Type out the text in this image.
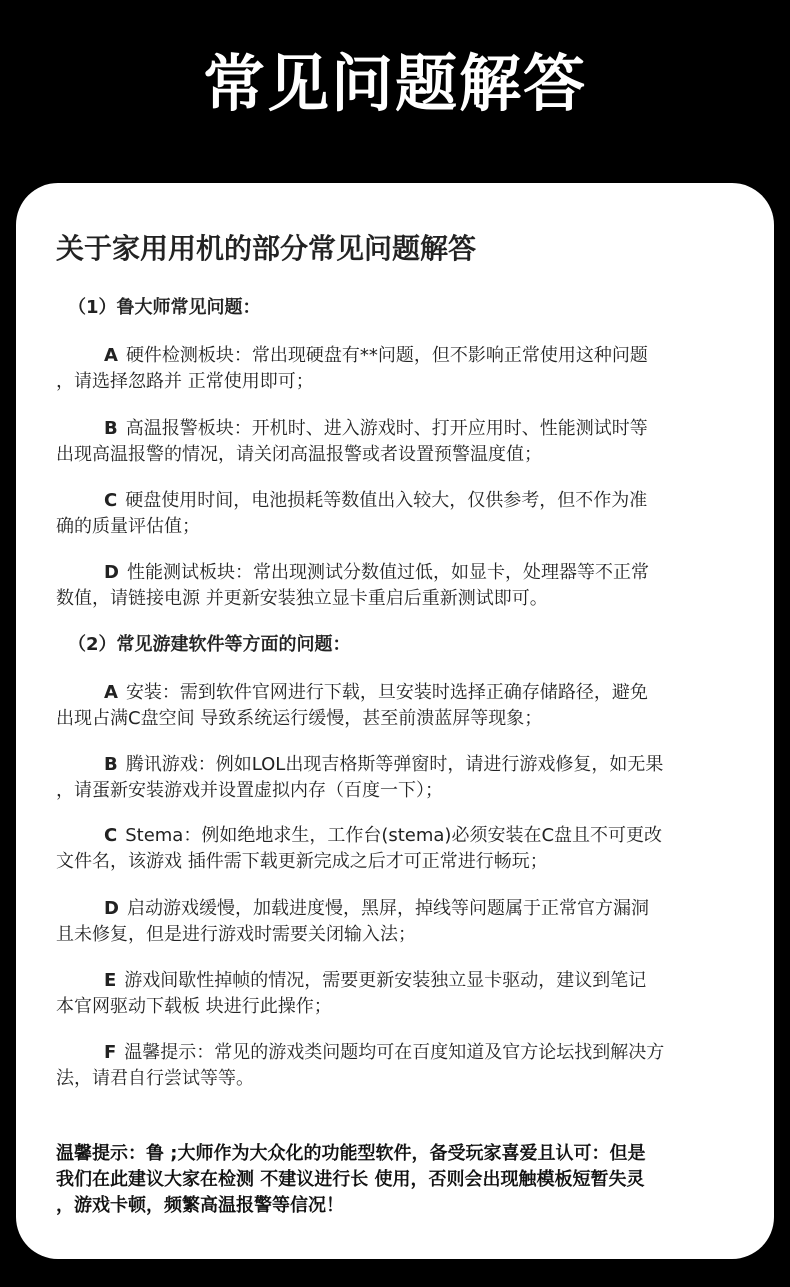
常见问题解答
关于家用用机的部分常见问题解答
（1）鲁大师常见问题：
A 硬件检测板块：常出现硬盘有**问题，但不影响正常使用这种问题
，请选择忽路并 正常使用即可；
B 高温报警板块：开机时、进入游戏时、打开应用时、性能测试时等
出现高温报警的情况，请关闭高温报警或者设置预警温度值；
C 硬盘使用时间，电池损耗等数值出入较大，仅供参考，但不作为准
确的质量评估值；
D 性能测试板块：常出现测试分数值过低，如显卡，处理器等不正常
数值，请链接电源 并更新安装独立显卡重启后重新测试即可。
（2）常见游建软件等方面的问题：
A 安装：需到软件官网进行下载，旦安装时选择正确存储路径，避免
出现占满C盘空间 导致系统运行缓慢，甚至前溃蓝屏等现象；
B 腾讯游戏：例如LOL出现吉格斯等弹窗时，请进行游戏修复，如无果
，请蛋新安装游戏并设置虚拟内存（百度一下）；
C Stema：例如绝地求生，工作台(stema)必须安装在C盘且不可更改
文件名，该游戏 插件需下载更新完成之后才可正常进行畅玩；
D 启动游戏缓慢，加载进度慢，黑屏，掉线等问题属于正常官方漏洞
且未修复，但是进行游戏时需要关闭输入法；
E 游戏间歇性掉帧的情况，需要更新安装独立显卡驱动，建议到笔记
本官网驱动下载板 块进行此操作；
F 温馨提示：常见的游戏类问题均可在百度知道及官方论坛找到解决方
法，请君自行尝试等等。
温馨提示：鲁 ;大师作为大众化的功能型软件，备受玩家喜爱且认可：但是
我们在此建议大家在检测 不建议进行长 使用，否则会出现触模板短暂失灵
，游戏卡顿，频繁高温报警等信况！
